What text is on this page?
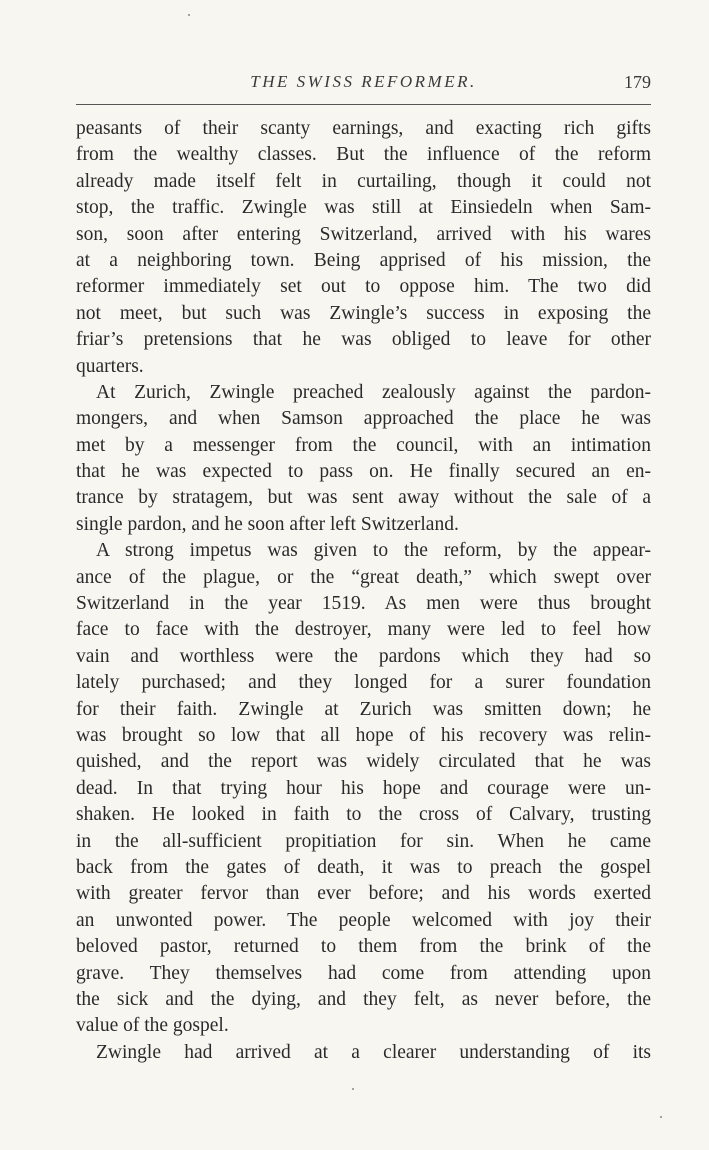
THE SWISS REFORMER.	179
peasants of their scanty earnings, and exacting rich gifts
from the wealthy classes. But the influence of the reform
already made itself felt in curtailing, though it could not
stop, the traffic. Zwingle was still at Einsiedeln when Sam-
son, soon after entering Switzerland, arrived with his wares
at a neighboring town. Being apprised of his mission, the
reformer immediately set out to oppose him. The two did
not meet, but such was Zwingle’s success in exposing the
friar’s pretensions that he was obliged to leave for other
quarters.
At Zurich, Zwingle preached zealously against the pardon-
mongers, and when Samson approached the place he was
met by a messenger from the council, with an intimation
that he was expected to pass on. He finally secured an en-
trance by stratagem, but was sent away without the sale of a
single pardon, and he soon after left Switzerland.
A strong impetus was given to the reform, by the appear-
ance of the plague, or the “great death,” which swept over
Switzerland in the year 1519. As men were thus brought
face to face with the destroyer, many were led to feel how
vain and worthless were the pardons which they had so
lately purchased; and they longed for a surer foundation
for their faith. Zwingle at Zurich was smitten down; he
was brought so low that all hope of his recovery was relin-
quished, and the report was widely circulated that he was
dead. In that trying hour his hope and courage were un-
shaken. He looked in faith to the cross of Calvary, trusting
in the all-sufficient propitiation for sin. When he came
back from the gates of death, it was to preach the gospel
with greater fervor than ever before; and his words exerted
an unwonted power. The people welcomed with joy their
beloved pastor, returned to them from the brink of the
grave. They themselves had come from attending upon
the sick and the dying, and they felt, as never before, the
value of the gospel.
Zwingle had arrived at a clearer understanding of its
